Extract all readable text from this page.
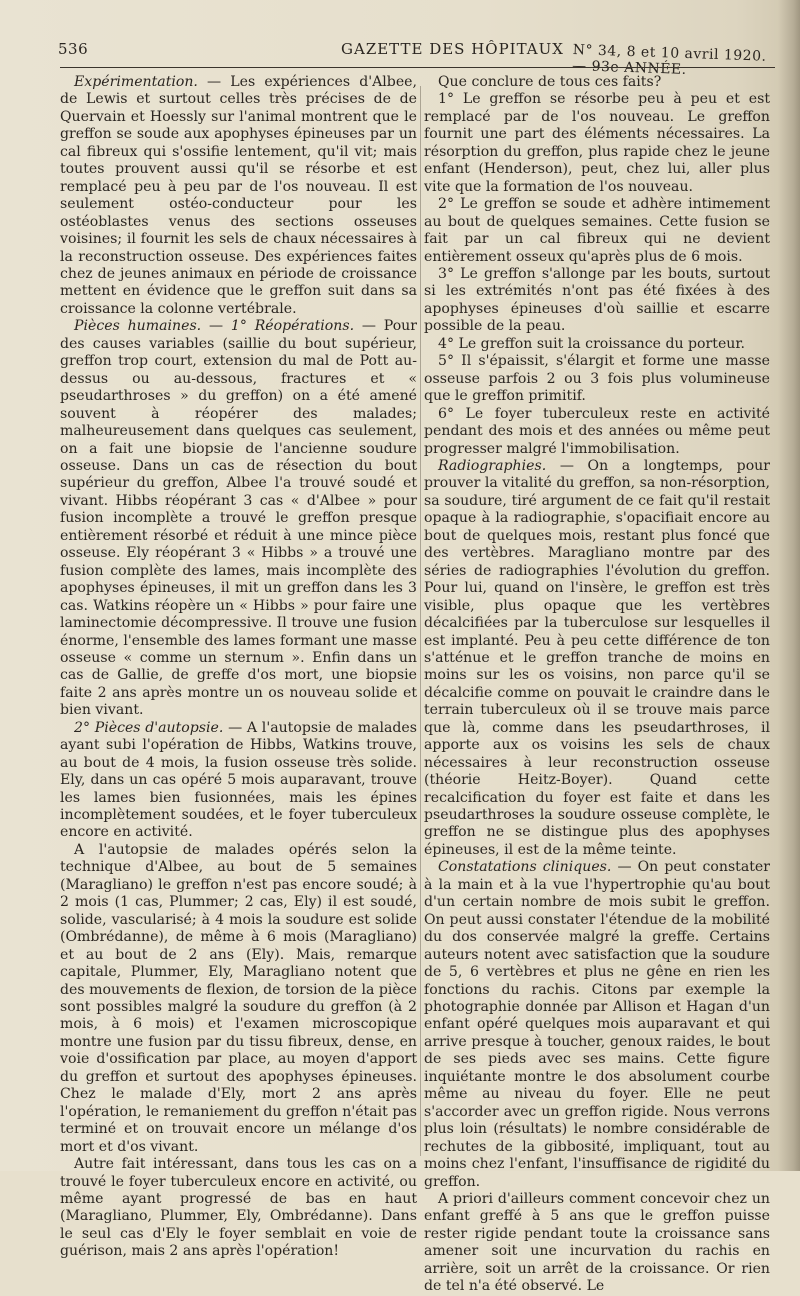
536	GAZETTE DES HÔPITAUX N° 34, 8 et 10 avril 1920. — 93e ANNÉE.

Expérimentation. — Les expériences d'Albee, de Lewis et surtout celles très précises de de Quervain et Hoessly sur l'animal montrent que le greffon se soude aux apophyses épineuses par un cal fibreux qui s'ossifie lentement, qu'il vit; mais toutes prouvent aussi qu'il se résorbe et est remplacé peu à peu par de l'os nouveau. Il est seulement ostéo-conducteur pour les ostéoblastes venus des sections osseuses voisines; il fournit les sels de chaux nécessaires à la reconstruction osseuse. Des expériences faites chez de jeunes animaux en période de croissance mettent en évidence que le greffon suit dans sa croissance la colonne vertébrale.

Pièces humaines. — 1° Réopérations. — Pour des causes variables (saillie du bout supérieur, greffon trop court, extension du mal de Pott au-dessus ou au-dessous, fractures et « pseudarthroses » du greffon) on a été amené souvent à réopérer des malades; malheureusement dans quelques cas seulement, on a fait une biopsie de l'ancienne soudure osseuse. Dans un cas de résection du bout supérieur du greffon, Albee l'a trouvé soudé et vivant. Hibbs réopérant 3 cas « d'Albee » pour fusion incomplète a trouvé le greffon presque entièrement résorbé et réduit à une mince pièce osseuse. Ely réopérant 3 « Hibbs » a trouvé une fusion complète des lames, mais incomplète des apophyses épineuses, il mit un greffon dans les 3 cas. Watkins réopère un « Hibbs » pour faire une laminectomie décompressive. Il trouve une fusion énorme, l'ensemble des lames formant une masse osseuse « comme un sternum ». Enfin dans un cas de Gallie, de greffe d'os mort, une biopsie faite 2 ans après montre un os nouveau solide et bien vivant.

2° Pièces d'autopsie. — A l'autopsie de malades ayant subi l'opération de Hibbs, Watkins trouve, au bout de 4 mois, la fusion osseuse très solide. Ely, dans un cas opéré 5 mois auparavant, trouve les lames bien fusionnées, mais les épines incomplètement soudées, et le foyer tuberculeux encore en activité.

A l'autopsie de malades opérés selon la technique d'Albee, au bout de 5 semaines (Maragliano) le greffon n'est pas encore soudé; à 2 mois (1 cas, Plummer; 2 cas, Ely) il est soudé, solide, vascularisé; à 4 mois la soudure est solide (Ombrédanne), de même à 6 mois (Maragliano) et au bout de 2 ans (Ely). Mais, remarque capitale, Plummer, Ely, Maragliano notent que des mouvements de flexion, de torsion de la pièce sont possibles malgré la soudure du greffon (à 2 mois, à 6 mois) et l'examen microscopique montre une fusion par du tissu fibreux, dense, en voie d'ossification par place, au moyen d'apport du greffon et surtout des apophyses épineuses. Chez le malade d'Ely, mort 2 ans après l'opération, le remaniement du greffon n'était pas terminé et on trouvait encore un mélange d'os mort et d'os vivant.

Autre fait intéressant, dans tous les cas on a trouvé le foyer tuberculeux encore en activité, ou même ayant progressé de bas en haut (Maragliano, Plummer, Ely, Ombrédanne). Dans le seul cas d'Ely le foyer semblait en voie de guérison, mais 2 ans après l'opération!

Que conclure de tous ces faits?

1° Le greffon se résorbe peu à peu et est remplacé par de l'os nouveau. Le greffon fournit une part des éléments nécessaires. La résorption du greffon, plus rapide chez le jeune enfant (Henderson), peut, chez lui, aller plus vite que la formation de l'os nouveau.

2° Le greffon se soude et adhère intimement au bout de quelques semaines. Cette fusion se fait par un cal fibreux qui ne devient entièrement osseux qu'après plus de 6 mois.

3° Le greffon s'allonge par les bouts, surtout si les extrémités n'ont pas été fixées à des apophyses épineuses d'où saillie et escarre possible de la peau.

4° Le greffon suit la croissance du porteur.

5° Il s'épaissit, s'élargit et forme une masse osseuse parfois 2 ou 3 fois plus volumineuse que le greffon primitif.

6° Le foyer tuberculeux reste en activité pendant des mois et des années ou même peut progresser malgré l'immobilisation.

Radiographies. — On a longtemps, pour prouver la vitalité du greffon, sa non-résorption, sa soudure, tiré argument de ce fait qu'il restait opaque à la radiographie, s'opacifiait encore au bout de quelques mois, restant plus foncé que des vertèbres. Maragliano montre par des séries de radiographies l'évolution du greffon. Pour lui, quand on l'insère, le greffon est très visible, plus opaque que les vertèbres décalcifiées par la tuberculose sur lesquelles il est implanté. Peu à peu cette différence de ton s'atténue et le greffon tranche de moins en moins sur les os voisins, non parce qu'il se décalcifie comme on pouvait le craindre dans le terrain tuberculeux où il se trouve mais parce que là, comme dans les pseudarthroses, il apporte aux os voisins les sels de chaux nécessaires à leur reconstruction osseuse (théorie Heitz-Boyer). Quand cette recalcification du foyer est faite et dans les pseudarthroses la soudure osseuse complète, le greffon ne se distingue plus des apophyses épineuses, il est de la même teinte.

Constatations cliniques. — On peut constater à la main et à la vue l'hypertrophie qu'au bout d'un certain nombre de mois subit le greffon. On peut aussi constater l'étendue de la mobilité du dos conservée malgré la greffe. Certains auteurs notent avec satisfaction que la soudure de 5, 6 vertèbres et plus ne gêne en rien les fonctions du rachis. Citons par exemple la photographie donnée par Allison et Hagan d'un enfant opéré quelques mois auparavant et qui arrive presque à toucher, genoux raides, le bout de ses pieds avec ses mains. Cette figure inquiétante montre le dos absolument courbe même au niveau du foyer. Elle ne peut s'accorder avec un greffon rigide. Nous verrons plus loin (résultats) le nombre considérable de rechutes de la gibbosité, impliquant, tout au moins chez l'enfant, l'insuffisance de rigidité du greffon.

A priori d'ailleurs comment concevoir chez un enfant greffé à 5 ans que le greffon puisse rester rigide pendant toute la croissance sans amener soit une incurvation du rachis en arrière, soit un arrêt de la croissance. Or rien de tel n'a été observé. Le
